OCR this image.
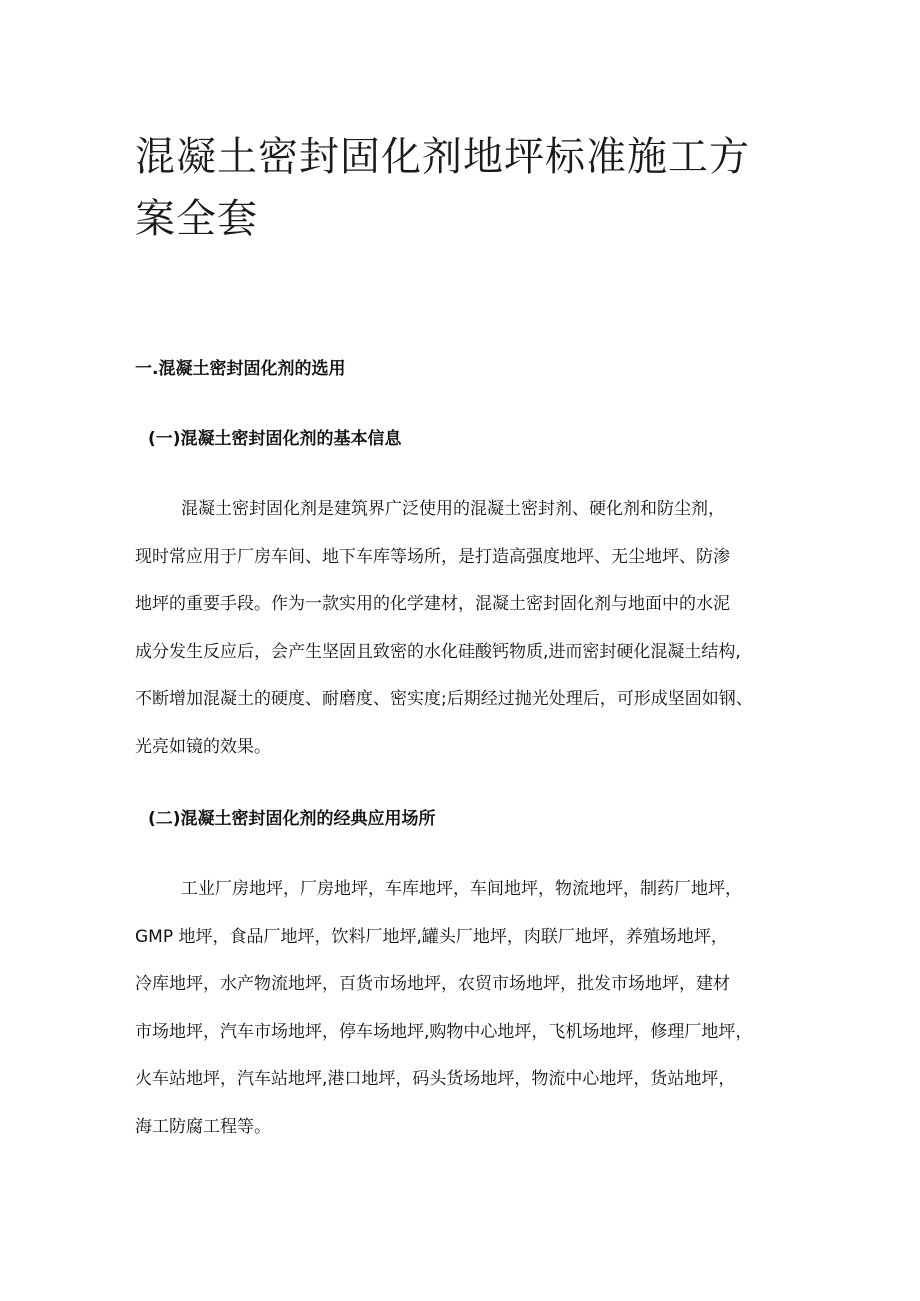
混凝土密封固化剂地坪标准施工方
案全套
一.混凝土密封固化剂的选用
(一)混凝土密封固化剂的基本信息
混凝土密封固化剂是建筑界广泛使用的混凝土密封剂、硬化剂和防尘剂，
现时常应用于厂房车间、地下车库等场所，是打造高强度地坪、无尘地坪、防渗
地坪的重要手段。作为一款实用的化学建材，混凝土密封固化剂与地面中的水泥
成分发生反应后，会产生坚固且致密的水化硅酸钙物质,进而密封硬化混凝土结构,
不断增加混凝土的硬度、耐磨度、密实度;后期经过抛光处理后，可形成坚固如钢、
光亮如镜的效果。
(二)混凝土密封固化剂的经典应用场所
工业厂房地坪，厂房地坪，车库地坪，车间地坪，物流地坪，制药厂地坪，
GMP 地坪，食品厂地坪，饮料厂地坪,罐头厂地坪，肉联厂地坪，养殖场地坪，
冷库地坪，水产物流地坪，百货市场地坪，农贸市场地坪，批发市场地坪，建材
市场地坪，汽车市场地坪，停车场地坪,购物中心地坪，飞机场地坪，修理厂地坪，
火车站地坪，汽车站地坪,港口地坪，码头货场地坪，物流中心地坪，货站地坪，
海工防腐工程等。
